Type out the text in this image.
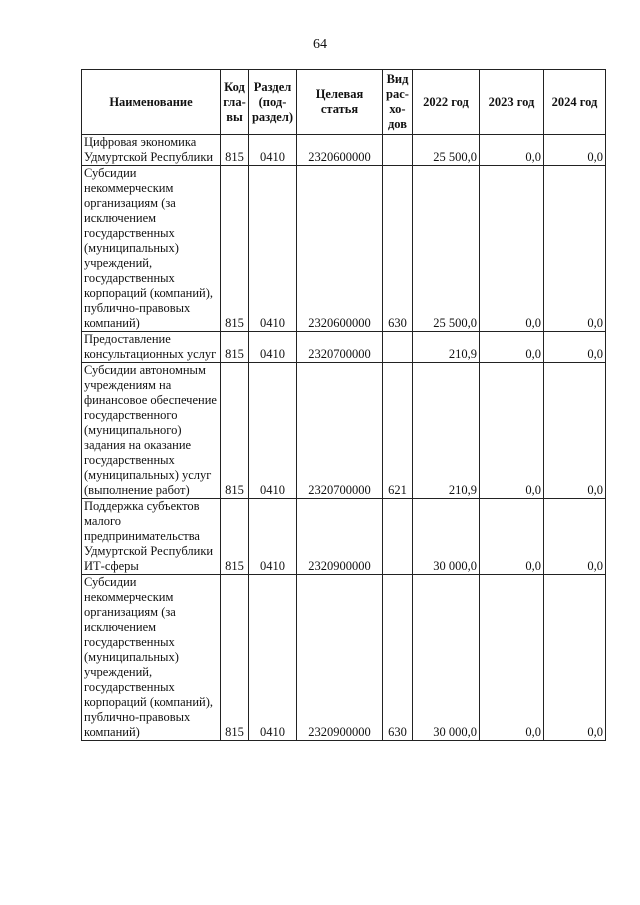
64
Наименование	Код гла-вы	Раздел (под-раздел)	Целевая статья	Вид рас-хо-дов	2022 год	2023 год	2024 год
Цифровая экономика Удмуртской Республики	815	0410	2320600000		25 500,0	0,0	0,0
Субсидии некоммерческим организациям (за исключением государственных (муниципальных) учреждений, государственных корпораций (компаний), публично-правовых компаний)	815	0410	2320600000	630	25 500,0	0,0	0,0
Предоставление консультационных услуг	815	0410	2320700000		210,9	0,0	0,0
Субсидии автономным учреждениям на финансовое обеспечение государственного (муниципального) задания на оказание государственных (муниципальных) услуг (выполнение работ)	815	0410	2320700000	621	210,9	0,0	0,0
Поддержка субъектов малого предпринимательства Удмуртской Республики ИТ-сферы	815	0410	2320900000		30 000,0	0,0	0,0
Субсидии некоммерческим организациям (за исключением государственных (муниципальных) учреждений, государственных корпораций (компаний), публично-правовых компаний)	815	0410	2320900000	630	30 000,0	0,0	0,0
